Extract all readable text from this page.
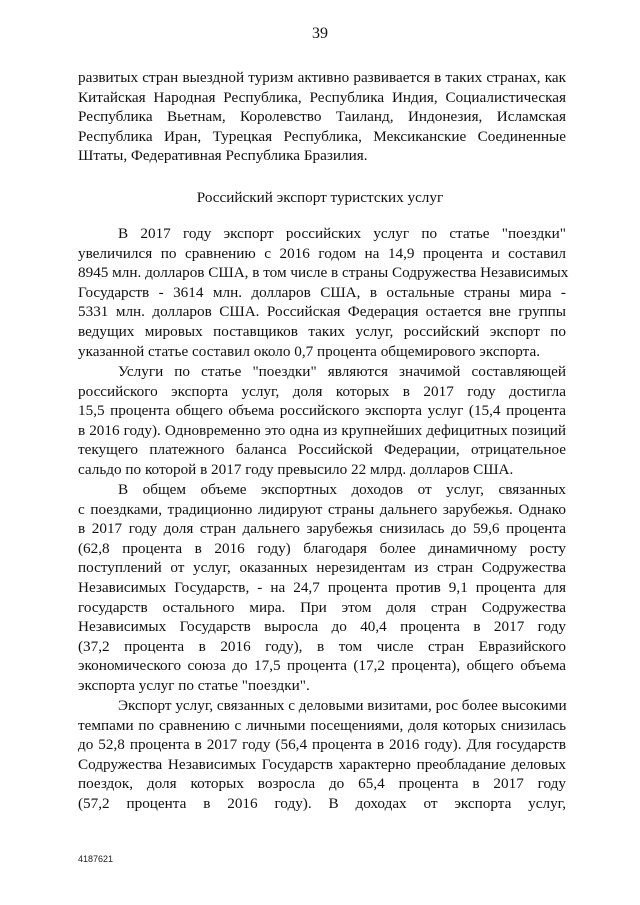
39
развитых стран выездной туризм активно развивается в таких странах, как
Китайская Народная Республика, Республика Индия, Социалистическая
Республика Вьетнам, Королевство Таиланд, Индонезия, Исламская
Республика Иран, Турецкая Республика, Мексиканские Соединенные
Штаты, Федеративная Республика Бразилия.
Российский экспорт туристских услуг
В 2017 году экспорт российских услуг по статье "поездки"
увеличился по сравнению с 2016 годом на 14,9 процента и составил
8945 млн. долларов США, в том числе в страны Содружества Независимых
Государств - 3614 млн. долларов США, в остальные страны мира -
5331 млн. долларов США. Российская Федерация остается вне группы
ведущих мировых поставщиков таких услуг, российский экспорт по
указанной статье составил около 0,7 процента общемирового экспорта.
Услуги по статье "поездки" являются значимой составляющей
российского экспорта услуг, доля которых в 2017 году достигла
15,5 процента общего объема российского экспорта услуг (15,4 процента
в 2016 году). Одновременно это одна из крупнейших дефицитных позиций
текущего платежного баланса Российской Федерации, отрицательное
сальдо по которой в 2017 году превысило 22 млрд. долларов США.
В общем объеме экспортных доходов от услуг, связанных
с поездками, традиционно лидируют страны дальнего зарубежья. Однако
в 2017 году доля стран дальнего зарубежья снизилась до 59,6 процента
(62,8 процента в 2016 году) благодаря более динамичному росту
поступлений от услуг, оказанных нерезидентам из стран Содружества
Независимых Государств, - на 24,7 процента против 9,1 процента для
государств остального мира. При этом доля стран Содружества
Независимых Государств выросла до 40,4 процента в 2017 году
(37,2 процента в 2016 году), в том числе стран Евразийского
экономического союза до 17,5 процента (17,2 процента), общего объема
экспорта услуг по статье "поездки".
Экспорт услуг, связанных с деловыми визитами, рос более высокими
темпами по сравнению с личными посещениями, доля которых снизилась
до 52,8 процента в 2017 году (56,4 процента в 2016 году). Для государств
Содружества Независимых Государств характерно преобладание деловых
поездок, доля которых возросла до 65,4 процента в 2017 году
(57,2 процента в 2016 году). В доходах от экспорта услуг,
4187621
